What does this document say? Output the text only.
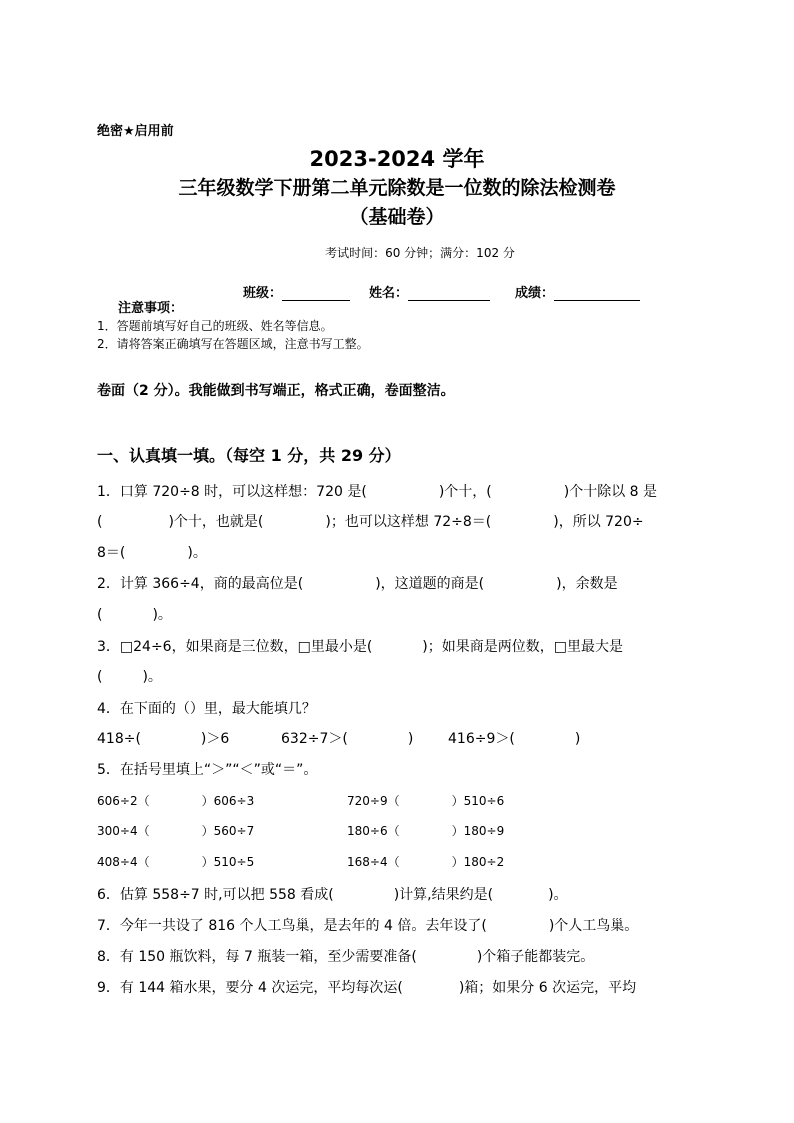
绝密★启用前
2023-2024 学年
三年级数学下册第二单元除数是一位数的除法检测卷
（基础卷）
考试时间：60 分钟；满分：102 分
班级：	姓名：	成绩：
注意事项：
1．答题前填写好自己的班级、姓名等信息。
2．请将答案正确填写在答题区域，注意书写工整。
卷面（2 分）。我能做到书写端正，格式正确，卷面整洁。
一、认真填一填。（每空 1 分，共 29 分）
1．口算 720÷8 时，可以这样想：720 是(	)个十，(	)个十除以 8 是
(	)个十，也就是(	)；也可以这样想 72÷8＝(	)，所以 720÷
8＝(	)。
2．计算 366÷4，商的最高位是(	)，这道题的商是(	)，余数是
(	)。
3．□24÷6，如果商是三位数，□里最小是(	)；如果商是两位数，□里最大是
(	)。
4．在下面的（）里，最大能填几？
418÷(	)＞6	632÷7＞(	) 416÷9＞(	)
5．在括号里填上“＞”“＜”或“＝”。
606÷2（	）606÷3	720÷9（	）510÷6
300÷4（	）560÷7	180÷6（	）180÷9
408÷4（	）510÷5	168÷4（	）180÷2
6．估算 558÷7 时,可以把 558 看成(	)计算,结果约是(	)。
7．今年一共设了 816 个人工鸟巢，是去年的 4 倍。去年设了(	)个人工鸟巢。
8．有 150 瓶饮料，每 7 瓶装一箱，至少需要准备(	)个箱子能都装完。
9．有 144 箱水果，要分 4 次运完，平均每次运(	)箱；如果分 6 次运完，平均
